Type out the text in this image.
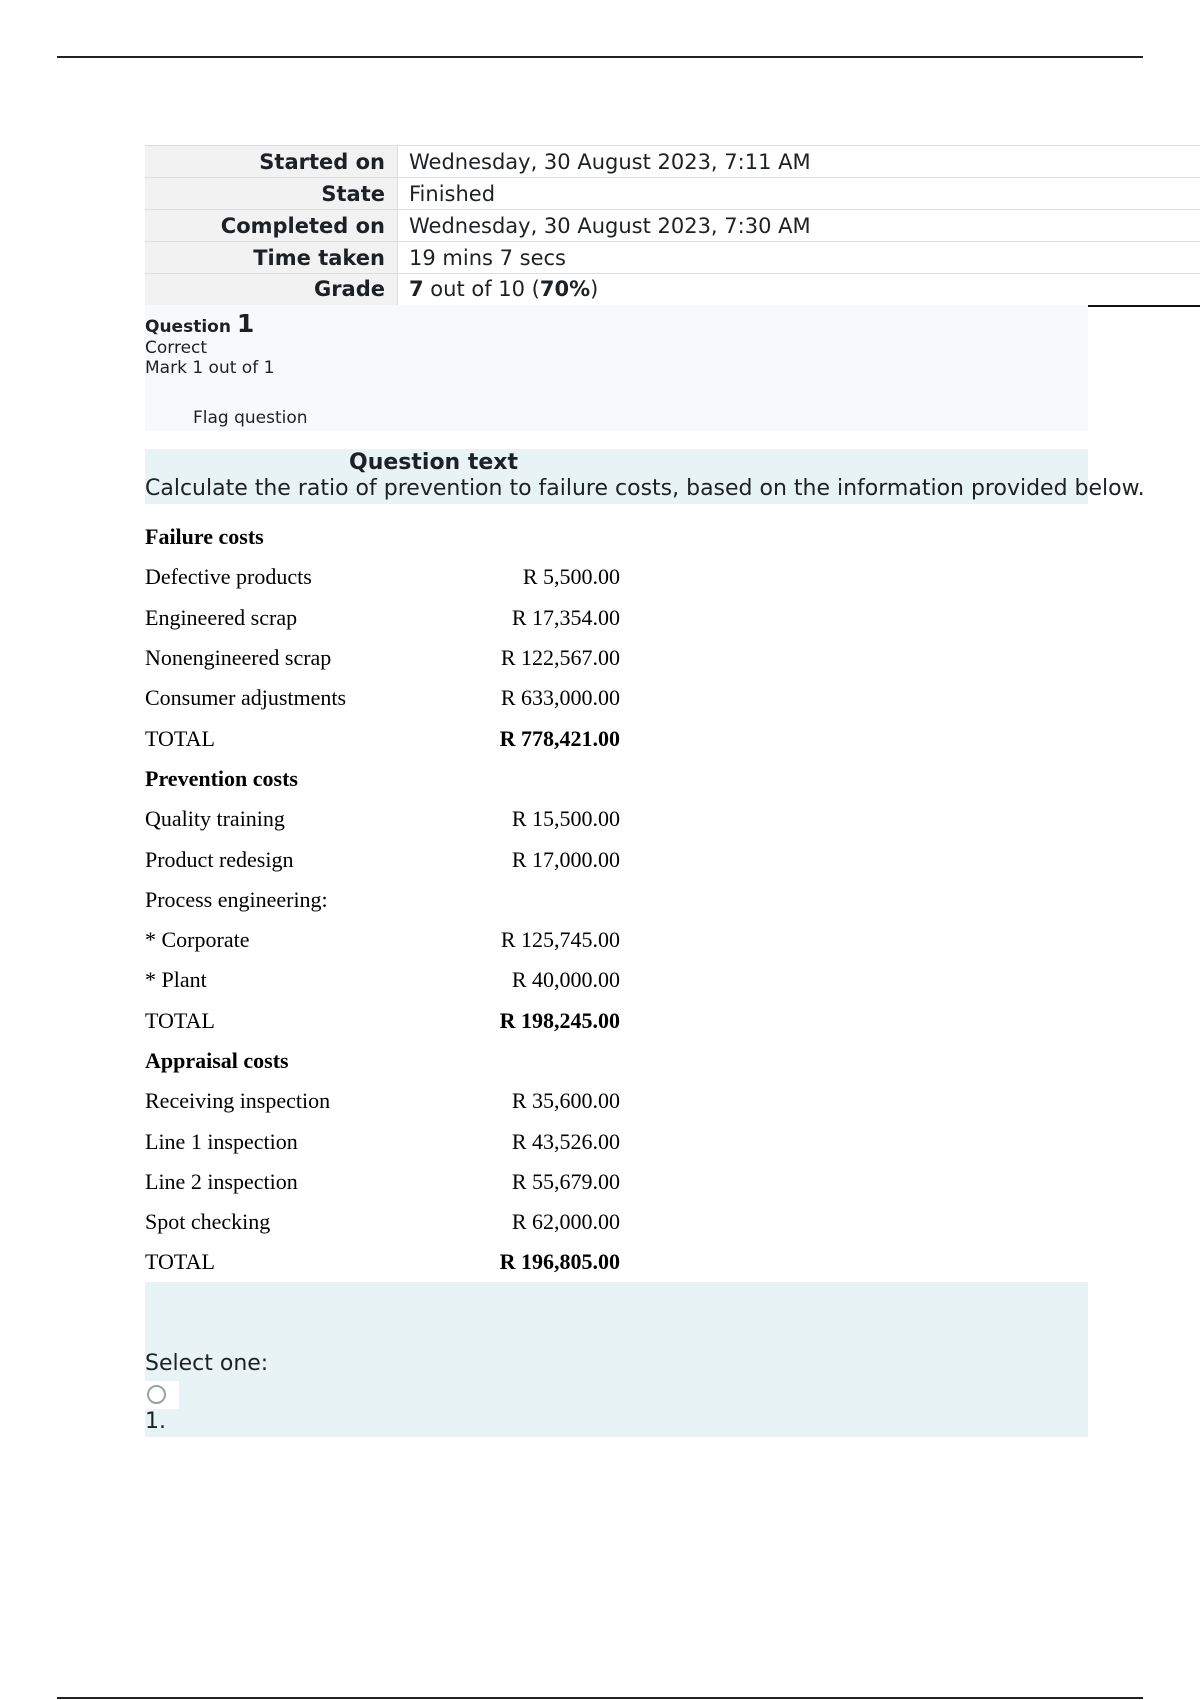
Started on	Wednesday, 30 August 2023, 7:11 AM
State	Finished
Completed on	Wednesday, 30 August 2023, 7:30 AM
Time taken	19 mins 7 secs
Grade	7 out of 10 (70%)
Question 1
Correct
Mark 1 out of 1
Flag question
Question text
Calculate the ratio of prevention to failure costs, based on the information provided below.
Failure costs	
Defective products	R 5,500.00
Engineered scrap	R 17,354.00
Nonengineered scrap	R 122,567.00
Consumer adjustments	R 633,000.00
TOTAL	R 778,421.00
Prevention costs	
Quality training	R 15,500.00
Product redesign	R 17,000.00
Process engineering:	
* Corporate	R 125,745.00
* Plant	R 40,000.00
TOTAL	R 198,245.00
Appraisal costs	
Receiving inspection	R 35,600.00
Line 1 inspection	R 43,526.00
Line 2 inspection	R 55,679.00
Spot checking	R 62,000.00
TOTAL	R 196,805.00
Select one:
1.
